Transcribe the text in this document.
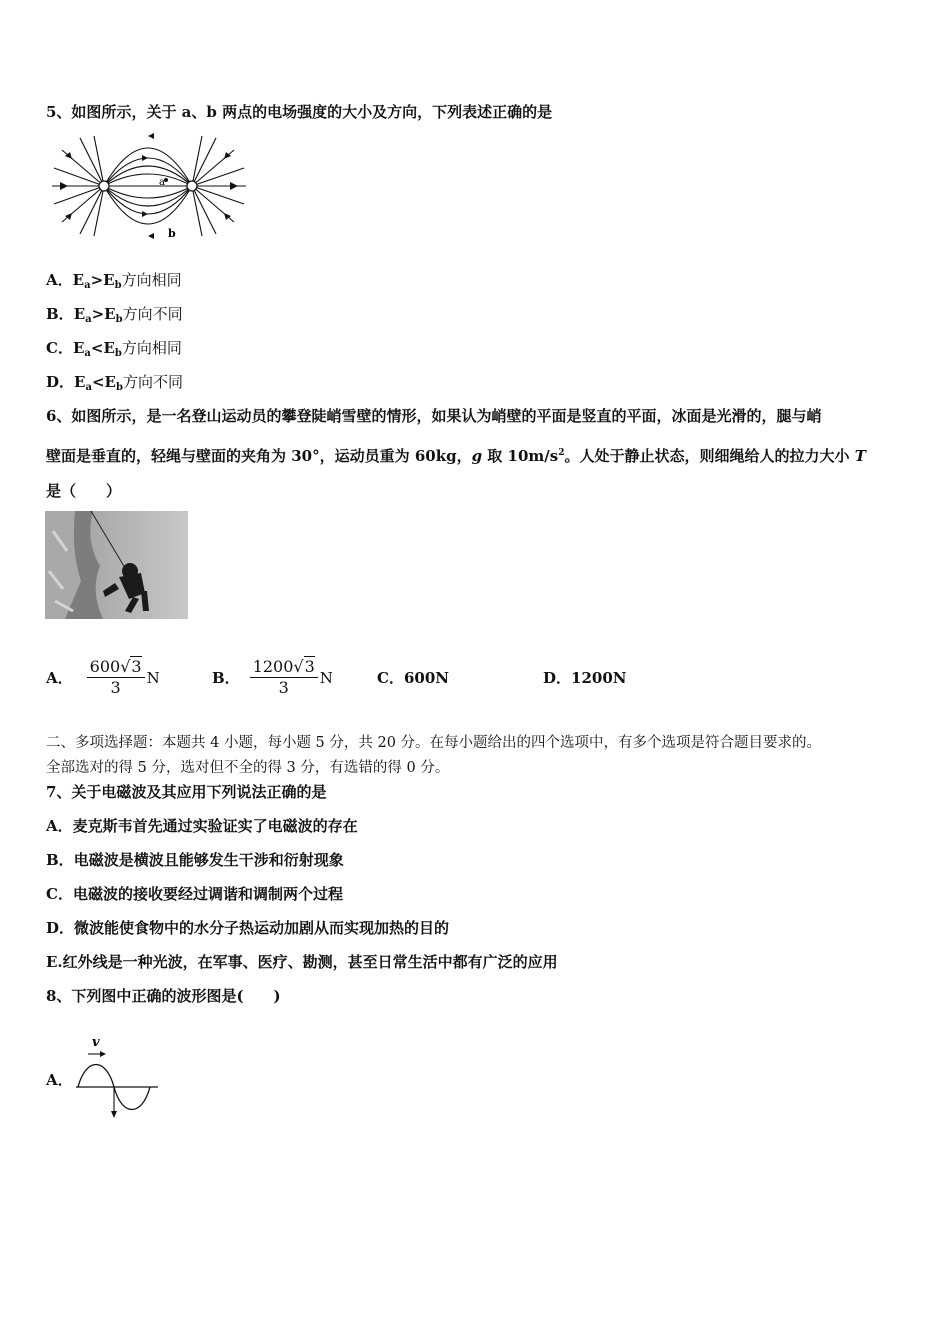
5、如图所示，关于 a、b 两点的电场强度的大小及方向，下列表述正确的是
a
b
A．$E_a>E_b$方向相同
B．$E_a>E_b$方向不同
C．$E_a<E_b$方向相同
D．$E_a<E_b$方向不同
6、如图所示，是一名登山运动员的攀登陡峭雪壁的情形，如果认为峭壁的平面是竖直的平面，冰面是光滑的，腿与峭
壁面是垂直的，轻绳与壁面的夹角为 30°，运动员重为 60kg，g 取 $10m/s^2$。人处于静止状态，则细绳给人的拉力大小 T
是（　　）
A． $\frac{600√3}{3}$ N	B． $\frac{1200√3}{3}$ N	C． 600N	D． 1200N
二、多项选择题：本题共 4 小题，每小题 5 分，共 20 分。在每小题给出的四个选项中，有多个选项是符合题目要求的。
全部选对的得 5 分，选对但不全的得 3 分，有选错的得 0 分。
7、关于电磁波及其应用下列说法正确的是
A．麦克斯韦首先通过实验证实了电磁波的存在
B．电磁波是横波且能够发生干涉和衍射现象
C．电磁波的接收要经过调谐和调制两个过程
D．微波能使食物中的水分子热运动加剧从而实现加热的目的
E.红外线是一种光波，在军事、医疗、勘测，甚至日常生活中都有广泛的应用
8、下列图中正确的波形图是(　　)
A．
v
